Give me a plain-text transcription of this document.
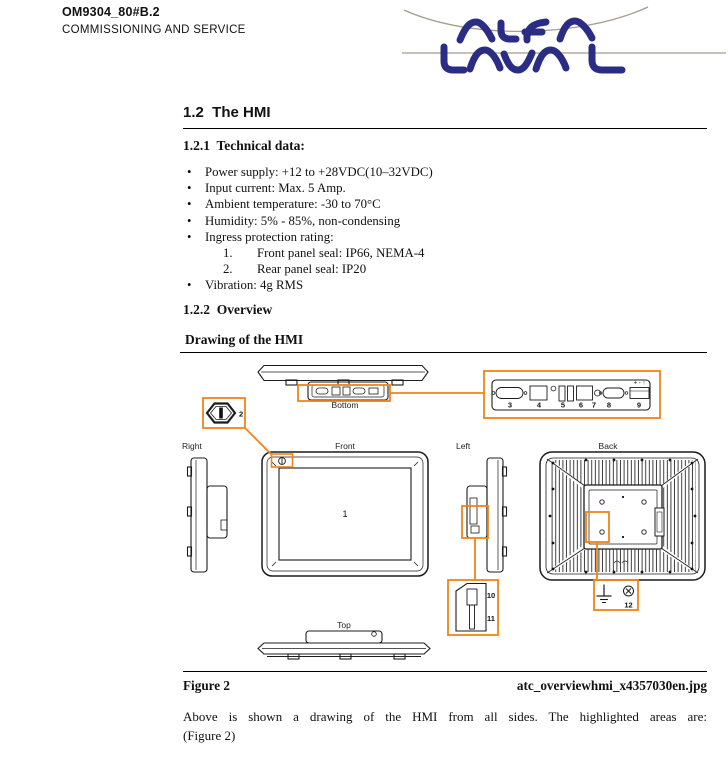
OM9304_80#B.2
COMMISSIONING AND SERVICE
1.2  The HMI
1.2.1  Technical data:
•	Power supply: +12 to +28VDC(10–32VDC)
•	Input current: Max. 5 Amp.
•	Ambient temperature: -30 to 70°C
•	Humidity: 5% - 85%, non-condensing
•	Ingress protection rating:
1.	Front panel seal: IP66, NEMA-4
2.	Rear panel seal: IP20
•	Vibration: 4g RMS
1.2.2  Overview
Drawing of the HMI
Bottom
Right	Front	Left	Back
Top
1
2
3	4	5 6 7 8	9
+ - ↑
10
11
12
Figure 2	atc_overviewhmi_x4357030en.jpg
Above is shown a drawing of the HMI from all sides. The highlighted areas are:
(Figure 2)
